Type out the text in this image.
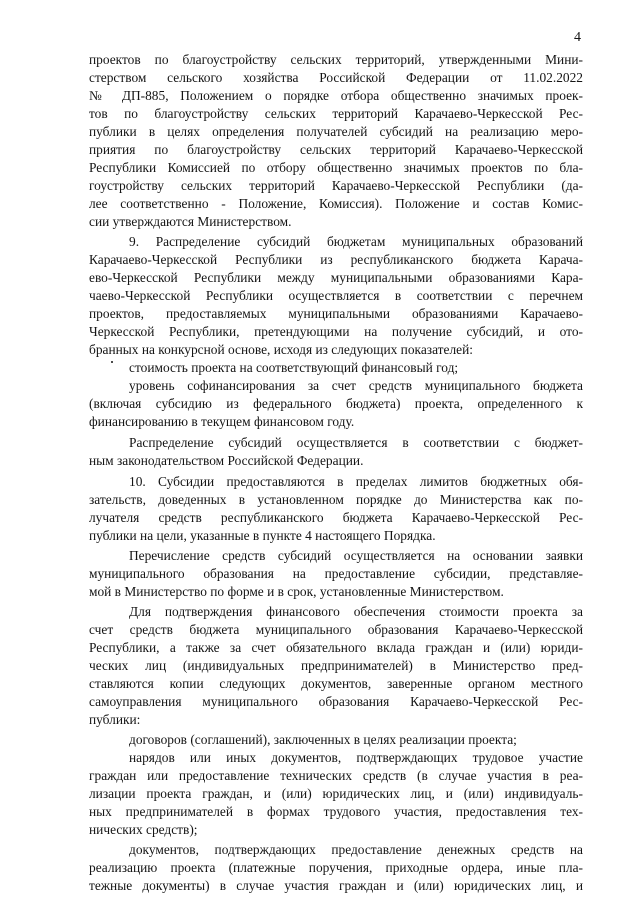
4
проектов по благоустройству сельских территорий, утвержденными Мини-
стерством сельского хозяйства Российской Федерации от 11.02.2022
№ ДП-885, Положением о порядке отбора общественно значимых проек-
тов по благоустройству сельских территорий Карачаево-Черкесской Рес-
публики в целях определения получателей субсидий на реализацию меро-
приятия по благоустройству сельских территорий Карачаево-Черкесской
Республики Комиссией по отбору общественно значимых проектов по бла-
гоустройству сельских территорий Карачаево-Черкесской Республики (да-
лее соответственно - Положение, Комиссия). Положение и состав Комис-
сии утверждаются Министерством.
9. Распределение субсидий бюджетам муниципальных образований
Карачаево-Черкесской Республики из республиканского бюджета Карача-
ево-Черкесской Республики между муниципальными образованиями Кара-
чаево-Черкесской Республики осуществляется в соответствии с перечнем
проектов, предоставляемых муниципальными образованиями Карачаево-
Черкесской Республики, претендующими на получение субсидий, и ото-
бранных на конкурсной основе, исходя из следующих показателей:
стоимость проекта на соответствующий финансовый год;
уровень софинансирования за счет средств муниципального бюджета
(включая субсидию из федерального бюджета) проекта, определенного к
финансированию в текущем финансовом году.
Распределение субсидий осуществляется в соответствии с бюджет-
ным законодательством Российской Федерации.
10. Субсидии предоставляются в пределах лимитов бюджетных обя-
зательств, доведенных в установленном порядке до Министерства как по-
лучателя средств республиканского бюджета Карачаево-Черкесской Рес-
публики на цели, указанные в пункте 4 настоящего Порядка.
Перечисление средств субсидий осуществляется на основании заявки
муниципального образования на предоставление субсидии, представляе-
мой в Министерство по форме и в срок, установленные Министерством.
Для подтверждения финансового обеспечения стоимости проекта за
счет средств бюджета муниципального образования Карачаево-Черкесской
Республики, а также за счет обязательного вклада граждан и (или) юриди-
ческих лиц (индивидуальных предпринимателей) в Министерство пред-
ставляются копии следующих документов, заверенные органом местного
самоуправления муниципального образования Карачаево-Черкесской Рес-
публики:
договоров (соглашений), заключенных в целях реализации проекта;
нарядов или иных документов, подтверждающих трудовое участие
граждан или предоставление технических средств (в случае участия в реа-
лизации проекта граждан, и (или) юридических лиц, и (или) индивидуаль-
ных предпринимателей в формах трудового участия, предоставления тех-
нических средств);
документов, подтверждающих предоставление денежных средств на
реализацию проекта (платежные поручения, приходные ордера, иные пла-
тежные документы) в случае участия граждан и (или) юридических лиц, и
